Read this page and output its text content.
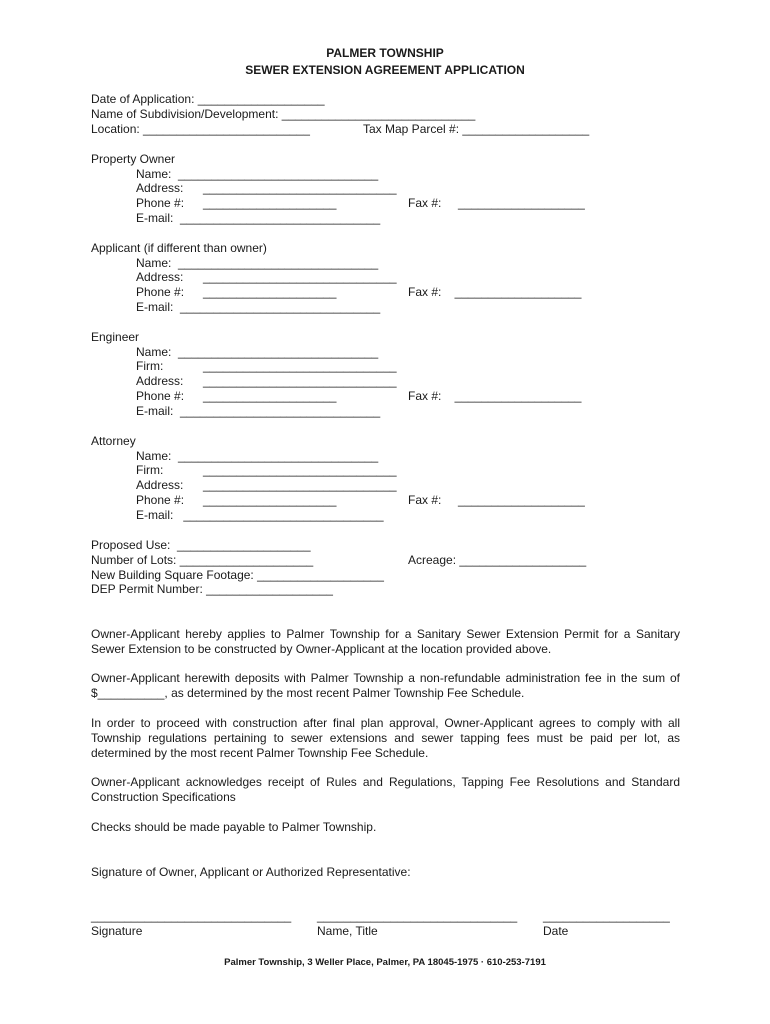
PALMER TOWNSHIP
SEWER EXTENSION AGREEMENT APPLICATION
Date of Application: ___________________
Name of Subdivision/Development: _____________________________
Location: _________________________	Tax Map Parcel #: ___________________
Property Owner
Name:  ______________________________
Address: _____________________________
Phone #: ____________________	Fax #:     ___________________
E-mail:  ______________________________
Applicant (if different than owner)
Name:  ______________________________
Address: _____________________________
Phone #: ____________________	Fax #:    ___________________
E-mail:  ______________________________
Engineer
Name:  ______________________________
Firm:	_____________________________
Address: _____________________________
Phone #: ____________________	Fax #:    ___________________
E-mail:  ______________________________
Attorney
Name:  ______________________________
Firm:	_____________________________
Address: _____________________________
Phone #: ____________________	Fax #:     ___________________
E-mail:   ______________________________
Proposed Use:  ____________________
Number of Lots: ____________________	Acreage: ___________________
New Building Square Footage: ___________________
DEP Permit Number: ___________________
Owner-Applicant hereby applies to Palmer Township for a Sanitary Sewer Extension Permit for a Sanitary Sewer Extension to be constructed by Owner-Applicant at the location provided above.
Owner-Applicant herewith deposits with Palmer Township a non-refundable administration fee in the sum of $__________, as determined by the most recent Palmer Township Fee Schedule.
In order to proceed with construction after final plan approval, Owner-Applicant agrees to comply with all Township regulations pertaining to sewer extensions and sewer tapping fees must be paid per lot, as determined by the most recent Palmer Township Fee Schedule.
Owner-Applicant acknowledges receipt of Rules and Regulations, Tapping Fee Resolutions and Standard Construction Specifications
Checks should be made payable to Palmer Township.
Signature of Owner, Applicant or Authorized Representative:
______________________________ ______________________________ ___________________
Signature	Name, Title	Date
Palmer Township, 3 Weller Place, Palmer, PA 18045-1975 · 610-253-7191
